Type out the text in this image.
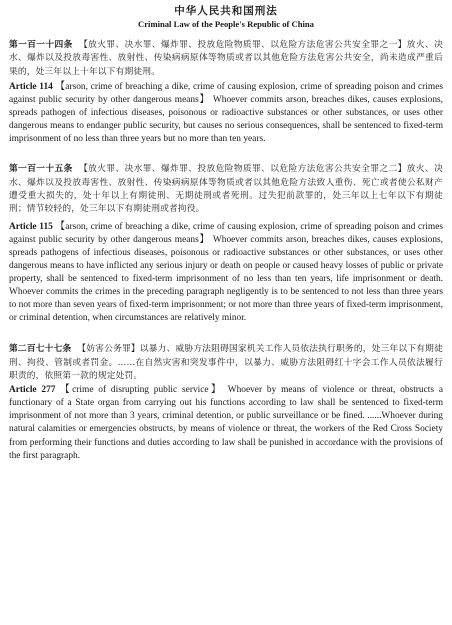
中华人民共和国刑法
Criminal Law of the People's Republic of China

第一百一十四条 【放火罪、决水罪、爆炸罪、投放危险物质罪、以危险方法危害公共安全罪之一】放火、决水、爆炸以及投放毒害性、放射性、传染病病原体等物质或者以其他危险方法危害公共安全，尚未造成严重后果的，处三年以上十年以下有期徒刑。

Article 114 【arson, crime of breaching a dike, crime of causing explosion, crime of spreading poison and crimes against public security by other dangerous means】 Whoever commits arson, breaches dikes, causes explosions, spreads pathogen of infectious diseases, poisonous or radioactive substances or other substances, or uses other dangerous means to endanger public security, but causes no serious consequences, shall be sentenced to fixed-term imprisonment of no less than three years but no more than ten years.

第一百一十五条 【放火罪、决水罪、爆炸罪、投放危险物质罪、以危险方法危害公共安全罪之二】放火、决水、爆炸以及投放毒害性、放射性、传染病病原体等物质或者以其他危险方法致人重伤、死亡或者使公私财产遭受重大损失的，处十年以上有期徒刑、无期徒刑或者死刑。过失犯前款罪的，处三年以上七年以下有期徒刑；情节较轻的，处三年以下有期徒刑或者拘役。

Article 115 【arson, crime of breaching a dike, crime of causing explosion, crime of spreading poison and crimes against public security by other dangerous means】 Whoever commits arson, breaches dikes, causes explosions, spreads pathogens of infectious diseases, poisonous or radioactive substances or other substances, or uses other dangerous means to have inflicted any serious injury or death on people or caused heavy losses of public or private property, shall be sentenced to fixed-term imprisonment of no less than ten years, life imprisonment or death. Whoever commits the crimes in the preceding paragraph negligently is to be sentenced to not less than three years to not more than seven years of fixed-term imprisonment; or not more than three years of fixed-term imprisonment, or criminal detention, when circumstances are relatively minor.

第二百七十七条 【妨害公务罪】以暴力、威胁方法阻碍国家机关工作人员依法执行职务的，处三年以下有期徒刑、拘役、管制或者罚金。……在自然灾害和突发事件中，以暴力、威胁方法阻碍红十字会工作人员依法履行职责的，依照第一款的规定处罚。

Article 277 【crime of disrupting public service】 Whoever by means of violence or threat, obstructs a functionary of a State organ from carrying out his functions according to law shall be sentenced to fixed-term imprisonment of not more than 3 years, criminal detention, or public surveillance or be fined. ......Whoever during natural calamities or emergencies obstructs, by means of violence or threat, the workers of the Red Cross Society from performing their functions and duties according to law shall be punished in accordance with the provisions of the first paragraph.
